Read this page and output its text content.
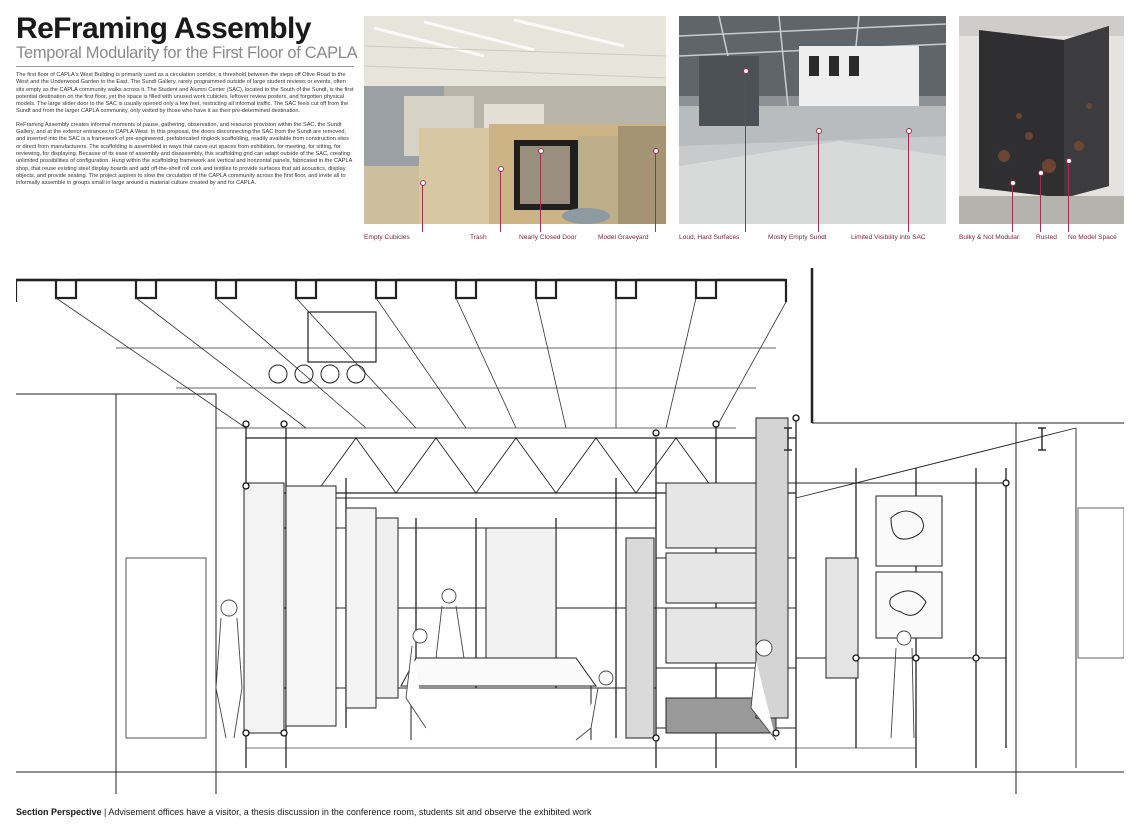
ReFraming Assembly
Temporal Modularity for the First Floor of CAPLA

The first floor of CAPLA's West Building is primarily used as a circulation corridor, a threshold between the steps off Olive Road to the West and the Underwood Garden to the East. The Sundt Gallery, rarely programmed outside of large student reviews or events, often sits empty as the CAPLA community walks across it. The Student and Alumni Center (SAC), located to the South of the Sundt, is the first potential destination on the first floor, yet the space is filled with unused work cubicles, leftover review posters, and forgotten physical models. The large slider door to the SAC is usually opened only a few feet, restricting all informal traffic. The SAC feels cut off from the Sundt and from the larger CAPLA community, only visited by those who have it as their pre-determined destination.

ReFraming Assembly creates informal moments of pause, gathering, observation, and resource provision within the SAC, the Sundt Gallery, and at the exterior entrances to CAPLA West. In this proposal, the doors disconnecting the SAC from the Sundt are removed, and inserted into the SAC is a framework of pre-engineered, prefabricated ringlock scaffolding, readily available from construction sites or direct from manufacturers. The scaffolding is assembled in ways that carve out spaces from exhibition, for meeting, for sitting, for reviewing, for displaying. Because of its ease of assembly and disassembly, this scaffolding grid can adapt outside of the SAC, creating unlimited possibilities of configuration. Hung within the scaffolding framework are vertical and horizontal panels, fabricated in the CAPLA shop, that reuse existing steel display boards and add off-the-shelf roll cork and textiles to provide surfaces that aid acoustics, display objects, and provide seating. The project aspires to slow the circulation of the CAPLA community across the first floor, and invite all to informally assemble in groups small in large around a material culture created by and for CAPLA.

Empty Cubicles	Trash	Nearly Closed Door	Model Graveyard	Loud, Hard Surfaces	Mostly Empty Sundt	Limited Visibility into SAC	Bulky & Not Modular	Rusted No Model Space
Section Perspective | Advisement offices have a visitor, a thesis discussion in the conference room, students sit and observe the exhibited work
